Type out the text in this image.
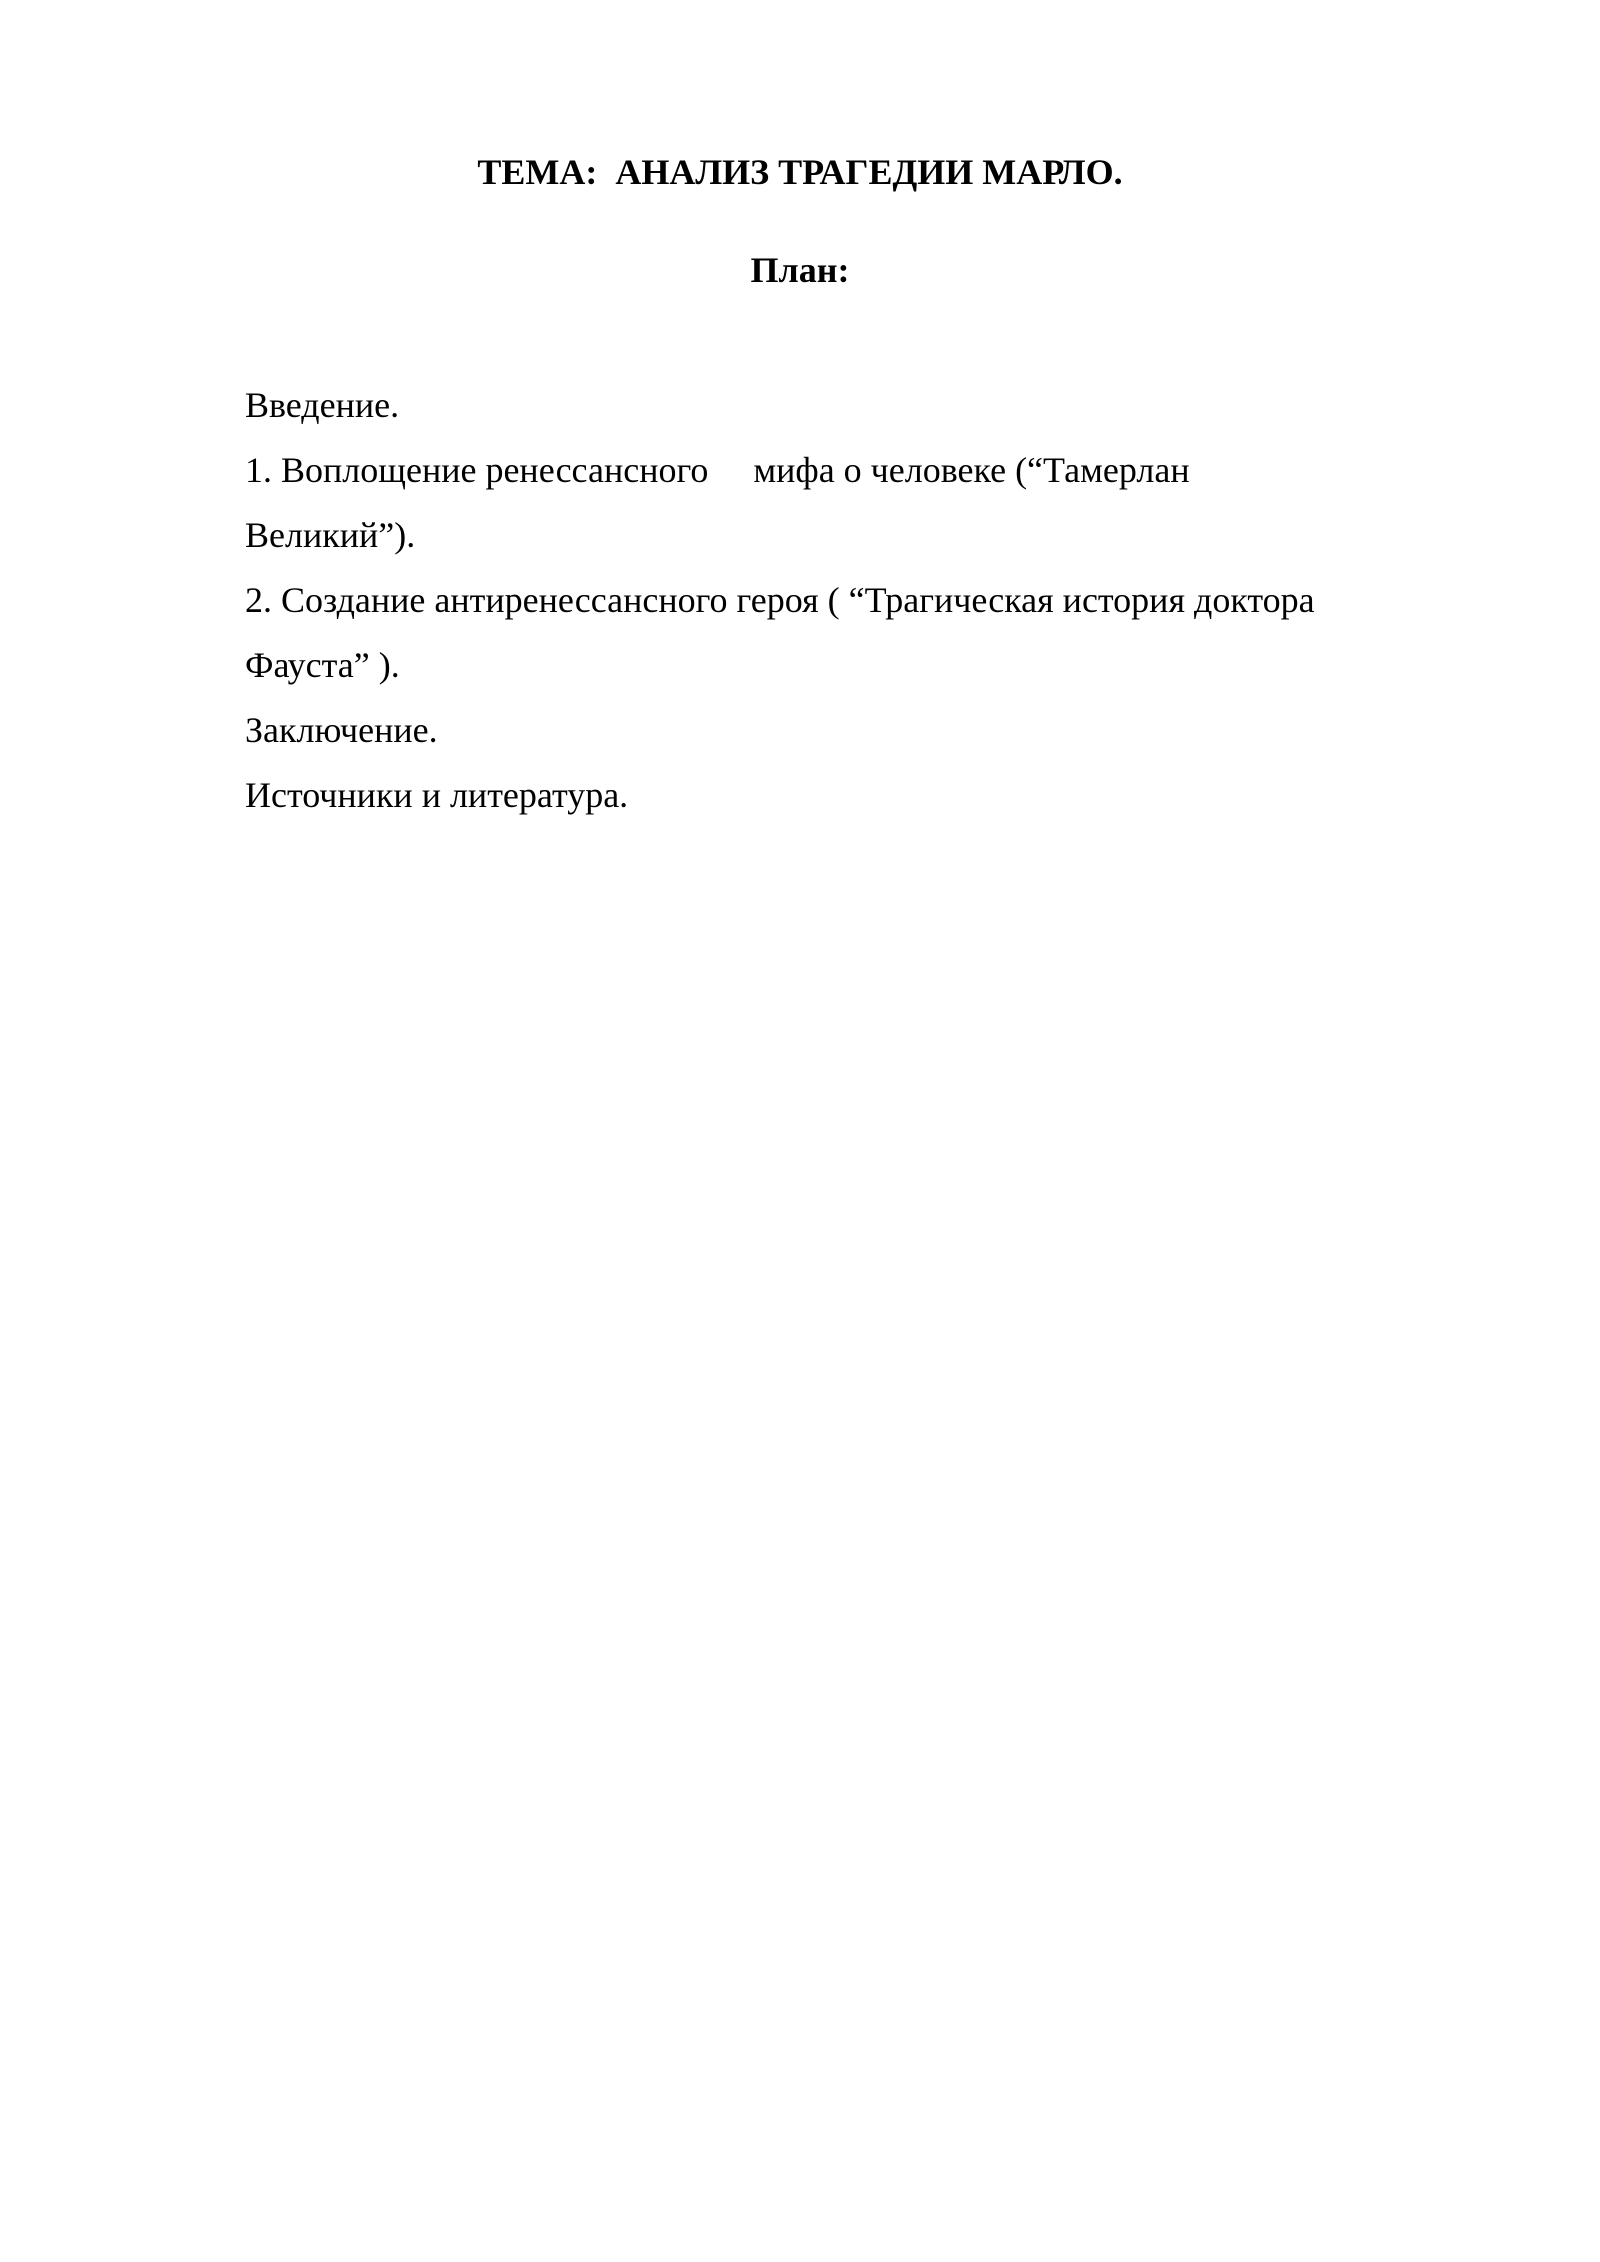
ТЕМА:  АНАЛИЗ ТРАГЕДИИ МАРЛО.
План:
Введение.
1. Воплощение ренессансного     мифа о человеке (“Тамерлан
Великий”).
2. Создание антиренессансного героя ( “Трагическая история доктора
Фауста” ).
Заключение.
Источники и литература.
